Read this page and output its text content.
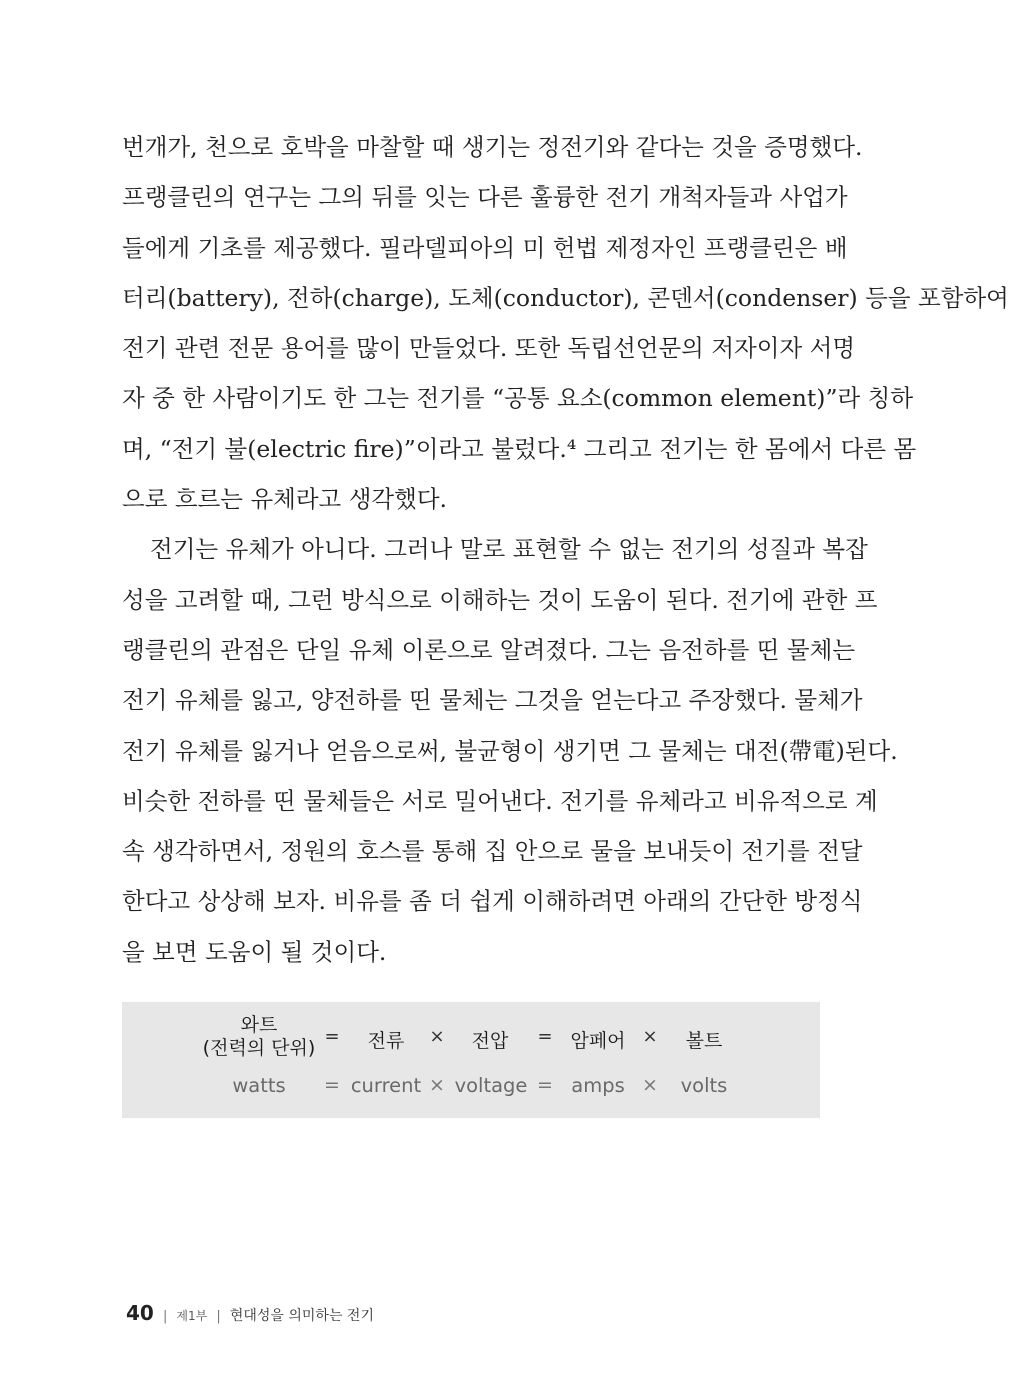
번개가, 천으로 호박을 마찰할 때 생기는 정전기와 같다는 것을 증명했다.
프랭클린의 연구는 그의 뒤를 잇는 다른 훌륭한 전기 개척자들과 사업가
들에게 기초를 제공했다. 필라델피아의 미 헌법 제정자인 프랭클린은 배
터리(battery), 전하(charge), 도체(conductor), 콘덴서(condenser) 등을 포함하여
전기 관련 전문 용어를 많이 만들었다. 또한 독립선언문의 저자이자 서명
자 중 한 사람이기도 한 그는 전기를 “공통 요소(common element)”라 칭하
며, “전기 불(electric fire)”이라고 불렀다.⁴ 그리고 전기는 한 몸에서 다른 몸
으로 흐르는 유체라고 생각했다.
전기는 유체가 아니다. 그러나 말로 표현할 수 없는 전기의 성질과 복잡
성을 고려할 때, 그런 방식으로 이해하는 것이 도움이 된다. 전기에 관한 프
랭클린의 관점은 단일 유체 이론으로 알려졌다. 그는 음전하를 띤 물체는
전기 유체를 잃고, 양전하를 띤 물체는 그것을 얻는다고 주장했다. 물체가
전기 유체를 잃거나 얻음으로써, 불균형이 생기면 그 물체는 대전(帶電)된다.
비슷한 전하를 띤 물체들은 서로 밀어낸다. 전기를 유체라고 비유적으로 계
속 생각하면서, 정원의 호스를 통해 집 안으로 물을 보내듯이 전기를 전달
한다고 상상해 보자. 비유를 좀 더 쉽게 이해하려면 아래의 간단한 방정식
을 보면 도움이 될 것이다.
와트
(전력의 단위)
=	전류	×	전압	= 암페어 ×	볼트
watts	= current × voltage = amps ×	volts
40 | 제1부 | 현대성을 의미하는 전기
